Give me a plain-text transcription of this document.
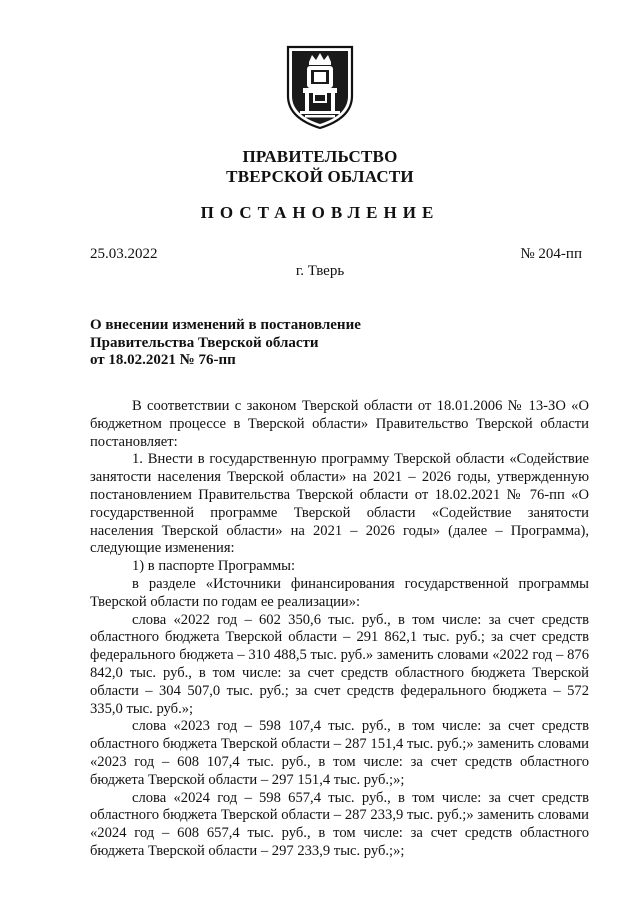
ПРАВИТЕЛЬСТВО
ТВЕРСКОЙ ОБЛАСТИ
ПОСТАНОВЛЕНИЕ
25.03.2022	№ 204-пп
г. Тверь
О внесении изменений в постановление
Правительства Тверской области
от 18.02.2021 № 76-пп

В соответствии с законом Тверской области от 18.01.2006 № 13-ЗО «О бюджетном процессе в Тверской области» Правительство Тверской области постановляет:

1. Внести в государственную программу Тверской области «Содействие занятости населения Тверской области» на 2021 – 2026 годы, утвержденную постановлением Правительства Тверской области от 18.02.2021 № 76-пп «О государственной программе Тверской области «Содействие занятости населения Тверской области» на 2021 – 2026 годы» (далее – Программа), следующие изменения:

1) в паспорте Программы:

в разделе «Источники финансирования государственной программы Тверской области по годам ее реализации»:

слова «2022 год – 602 350,6 тыс. руб., в том числе: за счет средств областного бюджета Тверской области – 291 862,1 тыс. руб.; за счет средств федерального бюджета – 310 488,5 тыс. руб.» заменить словами «2022 год – 876 842,0 тыс. руб., в том числе: за счет средств областного бюджета Тверской области – 304 507,0 тыс. руб.; за счет средств федерального бюджета – 572 335,0 тыс. руб.»;

слова «2023 год – 598 107,4 тыс. руб., в том числе: за счет средств областного бюджета Тверской области – 287 151,4 тыс. руб.;» заменить словами «2023 год – 608 107,4 тыс. руб., в том числе: за счет средств областного бюджета Тверской области – 297 151,4 тыс. руб.;»;

слова «2024 год – 598 657,4 тыс. руб., в том числе: за счет средств областного бюджета Тверской области – 287 233,9 тыс. руб.;» заменить словами «2024 год – 608 657,4 тыс. руб., в том числе: за счет средств областного бюджета Тверской области – 297 233,9 тыс. руб.;»;
